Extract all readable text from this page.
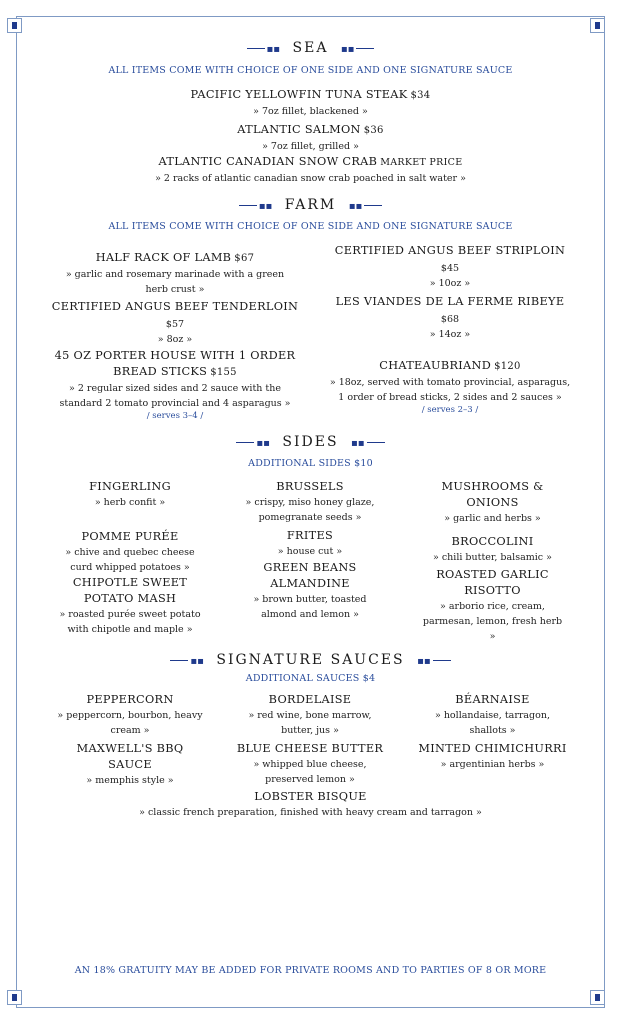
▪▪ SEA ▪▪
ALL ITEMS COME WITH CHOICE OF ONE SIDE AND ONE SIGNATURE SAUCE
PACIFIC YELLOWFIN TUNA STEAK $34
» 7oz fillet, blackened »
ATLANTIC SALMON $36
» 7oz fillet, grilled »
ATLANTIC CANADIAN SNOW CRAB MARKET PRICE
» 2 racks of atlantic canadian snow crab poached in salt water »
▪▪ FARM ▪▪
ALL ITEMS COME WITH CHOICE OF ONE SIDE AND ONE SIGNATURE SAUCE
HALF RACK OF LAMB $67
» garlic and rosemary marinade with a green
herb crust »
CERTIFIED ANGUS BEEF TENDERLOIN
$57
» 8oz »
45 OZ PORTER HOUSE WITH 1 ORDER
BREAD STICKS $155
» 2 regular sized sides and 2 sauce with the
standard 2 tomato provincial and 4 asparagus »
/ serves 3–4 /
CERTIFIED ANGUS BEEF STRIPLOIN
$45
» 10oz »
LES VIANDES DE LA FERME RIBEYE
$68
» 14oz »
CHATEAUBRIAND $120
» 18oz, served with tomato provincial, asparagus,
1 order of bread sticks, 2 sides and 2 sauces »
/ serves 2–3 /
▪▪ SIDES ▪▪
ADDITIONAL SIDES $10
FINGERLING
» herb confit »
POMME PURÉE
» chive and quebec cheese
curd whipped potatoes »
CHIPOTLE SWEET
POTATO MASH
» roasted purée sweet potato
with chipotle and maple »
BRUSSELS
» crispy, miso honey glaze,
pomegranate seeds »
FRITES
» house cut »
GREEN BEANS
ALMANDINE
» brown butter, toasted
almond and lemon »
MUSHROOMS &
ONIONS
» garlic and herbs »
BROCCOLINI
» chili butter, balsamic »
ROASTED GARLIC
RISOTTO
» arborio rice, cream,
parmesan, lemon, fresh herb
»
▪▪ SIGNATURE SAUCES ▪▪
ADDITIONAL SAUCES $4
PEPPERCORN
» peppercorn, bourbon, heavy
cream »
MAXWELL'S BBQ
SAUCE
» memphis style »
BORDELAISE
» red wine, bone marrow,
butter, jus »
BLUE CHEESE BUTTER
» whipped blue cheese,
preserved lemon »
BÉARNAISE
» hollandaise, tarragon,
shallots »
MINTED CHIMICHURRI
» argentinian herbs »
LOBSTER BISQUE
» classic french preparation, finished with heavy cream and tarragon »
AN 18% GRATUITY MAY BE ADDED FOR PRIVATE ROOMS AND TO PARTIES OF 8 OR MORE
